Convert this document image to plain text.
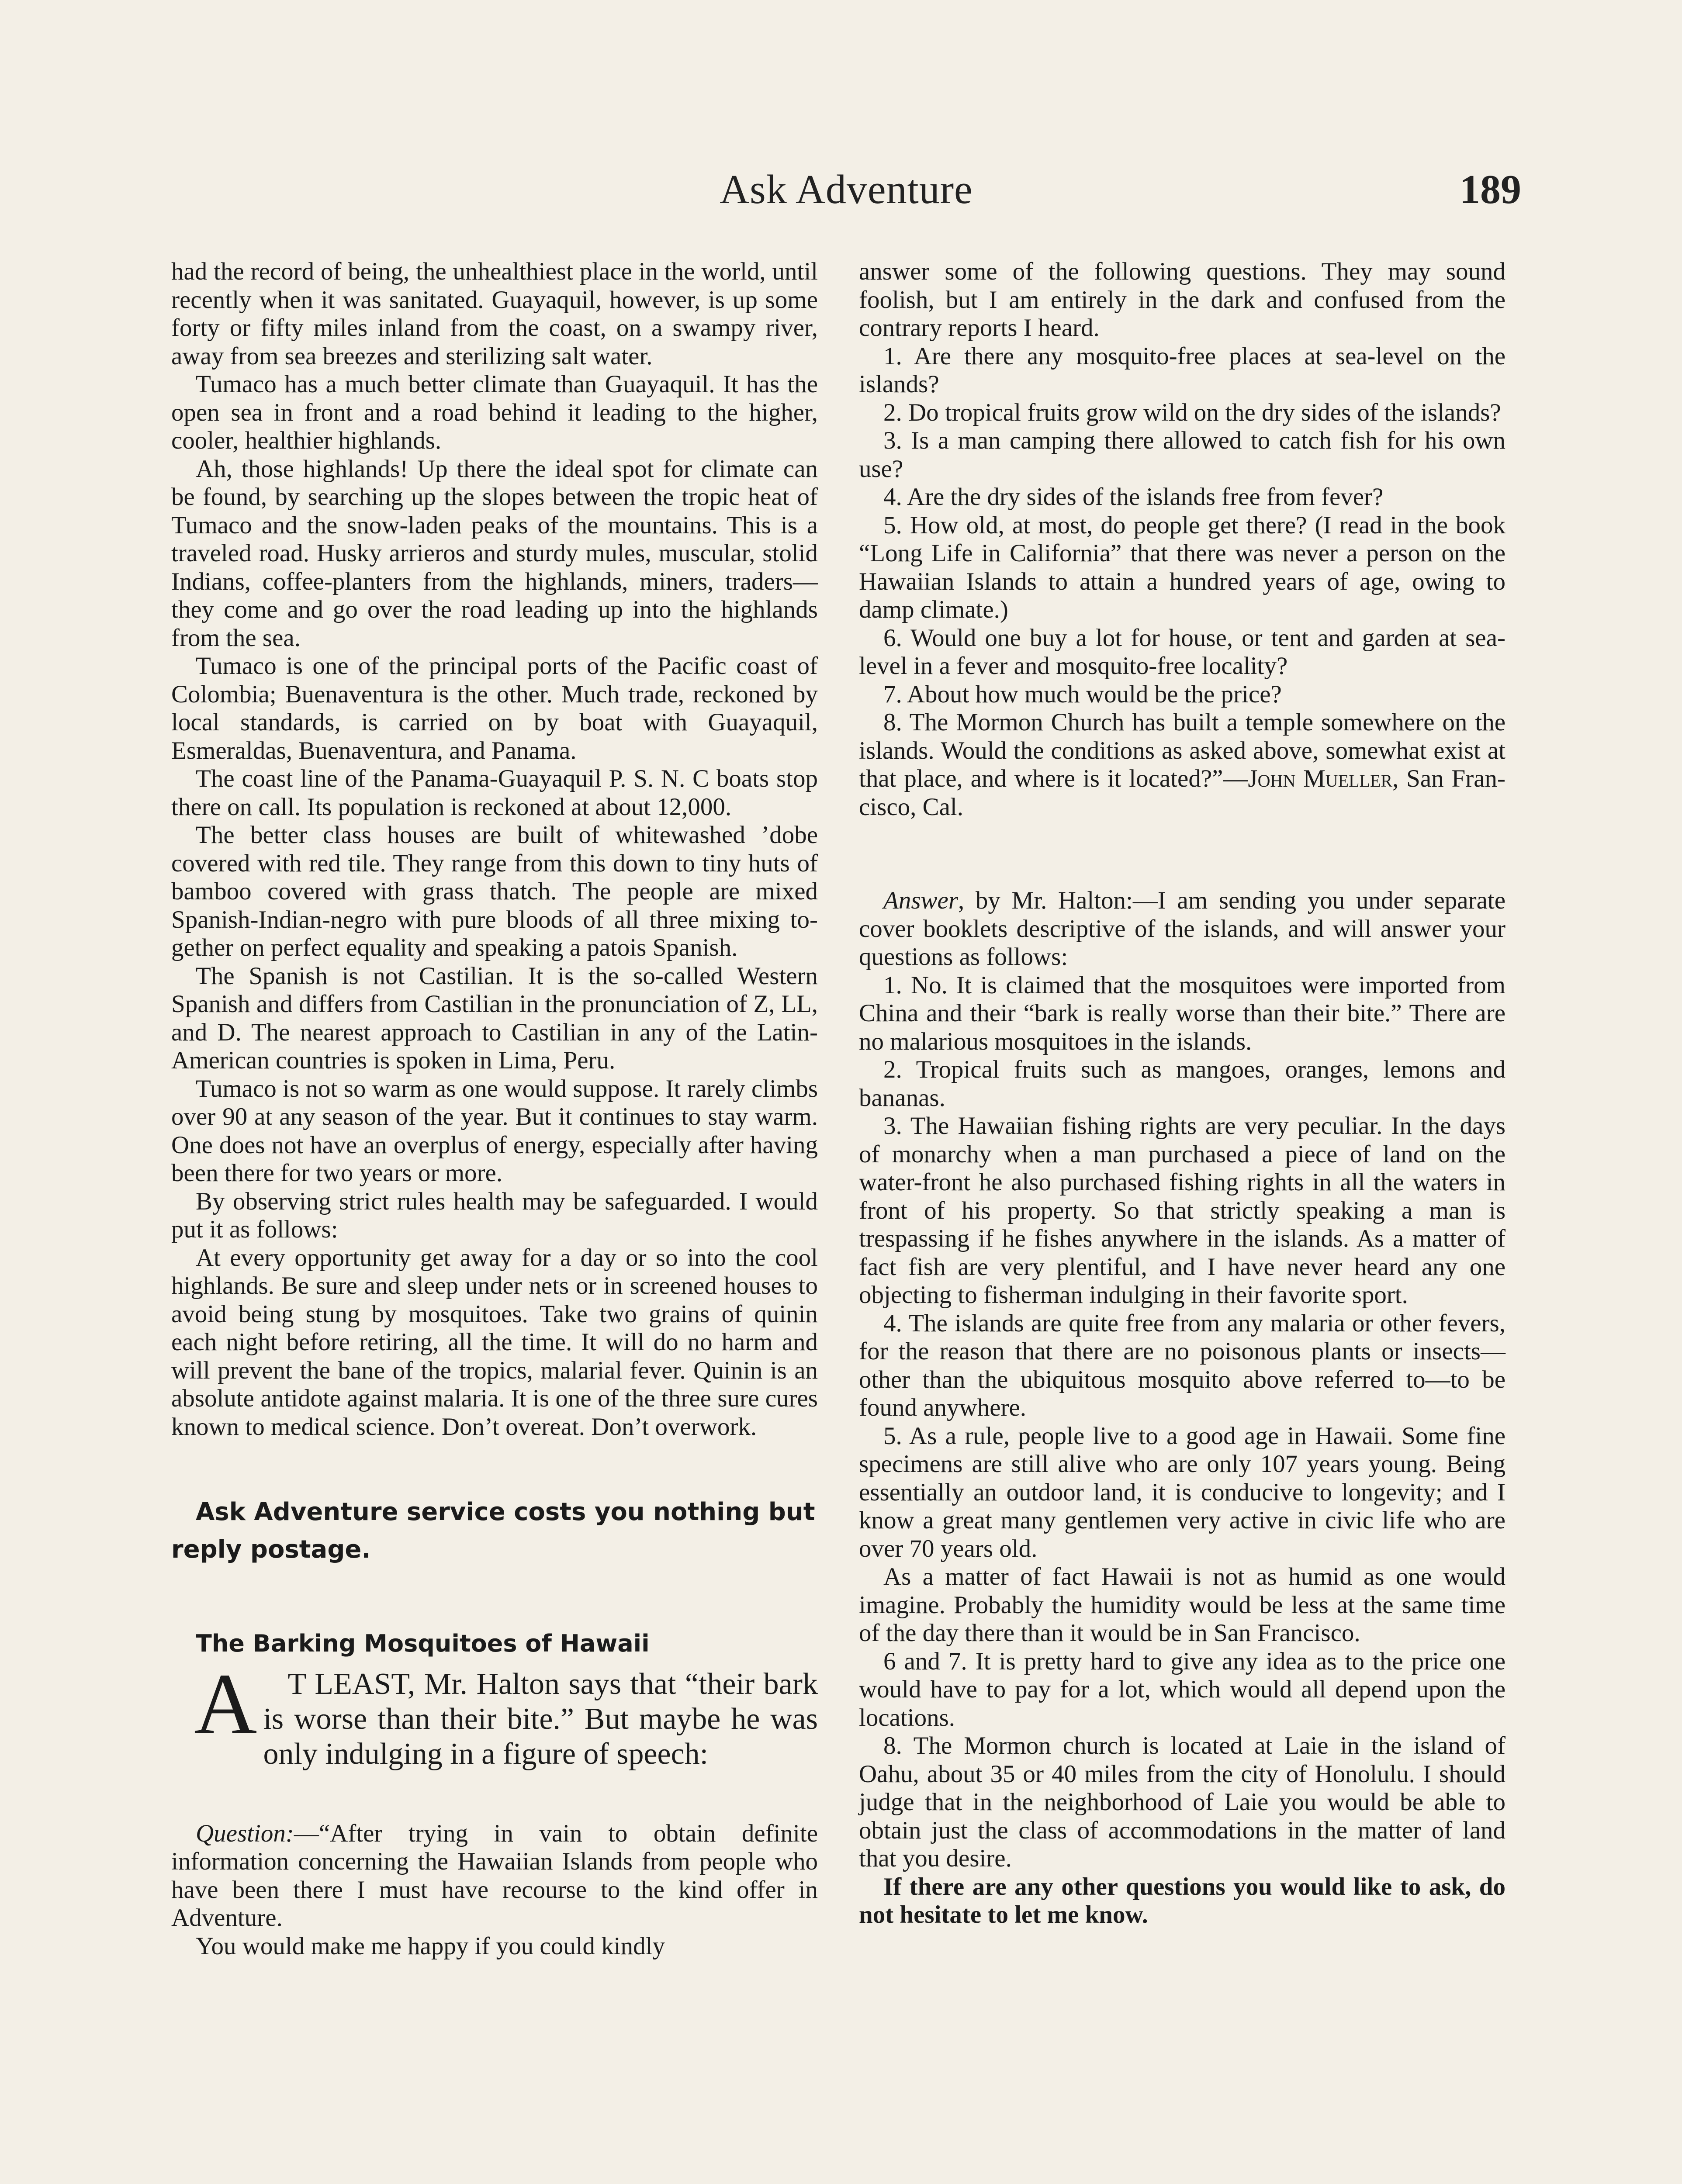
Ask Adventure	189

had the record of being, the unhealthiest place in the world, until recently when it was sanitated. Guayaquil, however, is up some forty or fifty miles inland from the coast, on a swampy river, away from sea breezes and sterilizing salt water.

Tumaco has a much better climate than Guayaquil. It has the open sea in front and a road behind it leading to the higher, cooler, healthier highlands.

Ah, those highlands! Up there the ideal spot for climate can be found, by searching up the slopes between the tropic heat of Tumaco and the snow-laden peaks of the mountains. This is a traveled road. Husky arrieros and sturdy mules, muscular, stolid Indians, coffee-planters from the highlands, miners, traders—they come and go over the road leading up into the highlands from the sea.

Tumaco is one of the principal ports of the Pacific coast of Colombia; Buenaventura is the other. Much trade, reckoned by local standards, is carried on by boat with Guayaquil, Esmeraldas, Buenaventura, and Panama.

The coast line of the Panama-Guayaquil P. S. N. C boats stop there on call. Its population is reckoned at about 12,000.

The better class houses are built of whitewashed ’dobe covered with red tile. They range from this down to tiny huts of bamboo covered with grass thatch. The people are mixed Spanish-Indian-negro with pure bloods of all three mixing together on perfect equality and speaking a patois Spanish.

The Spanish is not Castilian. It is the so-called Western Spanish and differs from Castilian in the pronunciation of Z, LL, and D. The nearest approach to Castilian in any of the Latin-American countries is spoken in Lima, Peru.

Tumaco is not so warm as one would suppose. It rarely climbs over 90 at any season of the year. But it continues to stay warm. One does not have an overplus of energy, especially after having been there for two years or more.

By observing strict rules health may be safeguarded. I would put it as follows:

At every opportunity get away for a day or so into the cool highlands. Be sure and sleep under nets or in screened houses to avoid being stung by mosquitoes. Take two grains of quinin each night before retiring, all the time. It will do no harm and will prevent the bane of the tropics, malarial fever. Quinin is an absolute antidote against malaria. It is one of the three sure cures known to medical science. Don’t overeat. Don’t overwork.

Ask Adventure service costs you nothing but reply postage.
The Barking Mosquitoes of Hawaii

A T LEAST, Mr. Halton says that “their bark is worse than their bite.” But maybe he was only indulging in a figure of speech:

Question:—“After trying in vain to obtain definite information concerning the Hawaiian Islands from people who have been there I must have recourse to the kind offer in Adventure.

You would make me happy if you could kindly

answer some of the following questions. They may sound foolish, but I am entirely in the dark and confused from the contrary reports I heard.

1. Are there any mosquito-free places at sea-level on the islands?

2. Do tropical fruits grow wild on the dry sides of the islands?

3. Is a man camping there allowed to catch fish for his own use?

4. Are the dry sides of the islands free from fever?

5. How old, at most, do people get there? (I read in the book “Long Life in California” that there was never a person on the Hawaiian Islands to attain a hundred years of age, owing to damp climate.)

6. Would one buy a lot for house, or tent and garden at sea-level in a fever and mosquito-free locality?

7. About how much would be the price?

8. The Mormon Church has built a temple somewhere on the islands. Would the conditions as asked above, somewhat exist at that place, and where is it located?”—John Mueller, San Francisco, Cal.

Answer, by Mr. Halton:—I am sending you under separate cover booklets descriptive of the islands, and will answer your questions as follows:

1. No. It is claimed that the mosquitoes were imported from China and their “bark is really worse than their bite.” There are no malarious mosquitoes in the islands.

2. Tropical fruits such as mangoes, oranges, lemons and bananas.

3. The Hawaiian fishing rights are very peculiar. In the days of monarchy when a man purchased a piece of land on the water-front he also purchased fishing rights in all the waters in front of his property. So that strictly speaking a man is trespassing if he fishes anywhere in the islands. As a matter of fact fish are very plentiful, and I have never heard any one objecting to fisherman indulging in their favorite sport.

4. The islands are quite free from any malaria or other fevers, for the reason that there are no poisonous plants or insects—other than the ubiquitous mosquito above referred to—to be found anywhere.

5. As a rule, people live to a good age in Hawaii. Some fine specimens are still alive who are only 107 years young. Being essentially an outdoor land, it is conducive to longevity; and I know a great many gentlemen very active in civic life who are over 70 years old.

As a matter of fact Hawaii is not as humid as one would imagine. Probably the humidity would be less at the same time of the day there than it would be in San Francisco.

6 and 7. It is pretty hard to give any idea as to the price one would have to pay for a lot, which would all depend upon the locations.

8. The Mormon church is located at Laie in the island of Oahu, about 35 or 40 miles from the city of Honolulu. I should judge that in the neighborhood of Laie you would be able to obtain just the class of accommodations in the matter of land that you desire.

If there are any other questions you would like to ask, do not hesitate to let me know.
